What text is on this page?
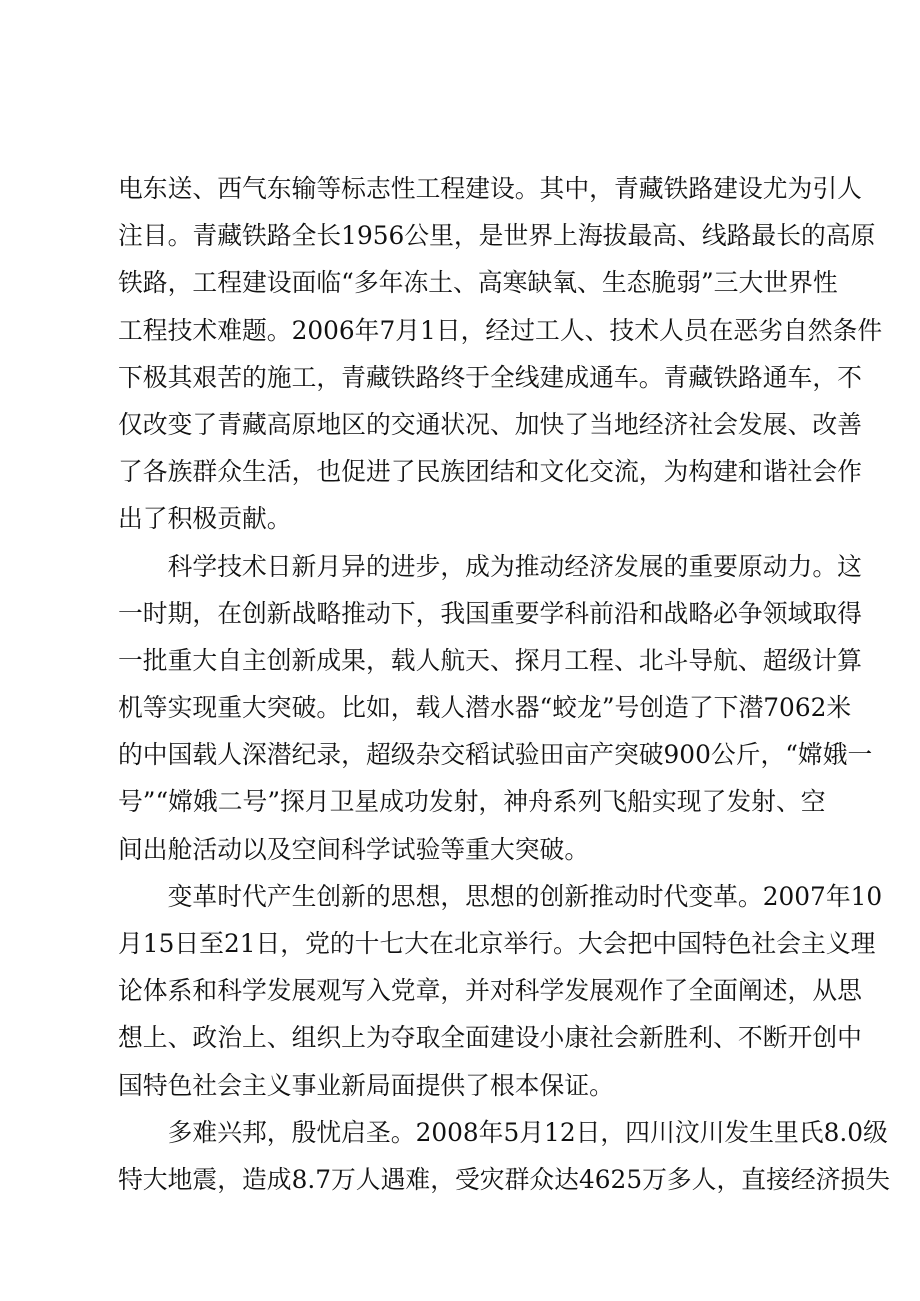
电东送、西气东输等标志性工程建设。其中，青藏铁路建设尤为引人
注目。青藏铁路全长1956公里，是世界上海拔最高、线路最长的高原
铁路，工程建设面临“多年冻土、高寒缺氧、生态脆弱”三大世界性
工程技术难题。2006年7月1日，经过工人、技术人员在恶劣自然条件
下极其艰苦的施工，青藏铁路终于全线建成通车。青藏铁路通车，不
仅改变了青藏高原地区的交通状况、加快了当地经济社会发展、改善
了各族群众生活，也促进了民族团结和文化交流，为构建和谐社会作
出了积极贡献。
科学技术日新月异的进步，成为推动经济发展的重要原动力。这
一时期，在创新战略推动下，我国重要学科前沿和战略必争领域取得
一批重大自主创新成果，载人航天、探月工程、北斗导航、超级计算
机等实现重大突破。比如，载人潜水器“蛟龙”号创造了下潜7062米
的中国载人深潜纪录，超级杂交稻试验田亩产突破900公斤，“嫦娥一
号”“嫦娥二号”探月卫星成功发射，神舟系列飞船实现了发射、空
间出舱活动以及空间科学试验等重大突破。
变革时代产生创新的思想，思想的创新推动时代变革。2007年10
月15日至21日，党的十七大在北京举行。大会把中国特色社会主义理
论体系和科学发展观写入党章，并对科学发展观作了全面阐述，从思
想上、政治上、组织上为夺取全面建设小康社会新胜利、不断开创中
国特色社会主义事业新局面提供了根本保证。
多难兴邦，殷忧启圣。2008年5月12日，四川汶川发生里氏8.0级
特大地震，造成8.7万人遇难，受灾群众达4625万多人，直接经济损失
